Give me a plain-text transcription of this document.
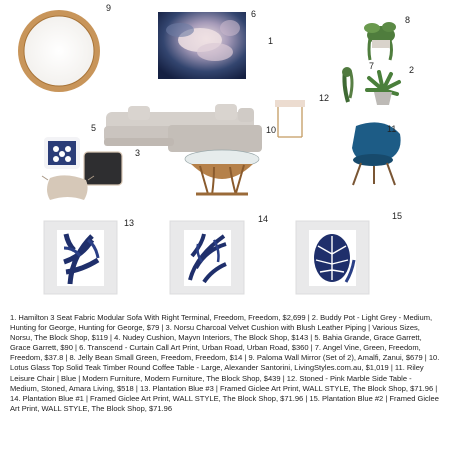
9
6
1
8
7	2
12
5	10	11
3
13	14	15
1. Hamilton 3 Seat Fabric Modular Sofa With Right Terminal, Freedom, Freedom, $2,699 | 2. Buddy Pot - Light Grey - Medium, Hunting for George, Hunting for George, $79 | 3. Norsu Charcoal Velvet Cushion with Blush Leather Piping | Various Sizes, Norsu, The Block Shop, $119 | 4. Nudey Cushion, Mayvn Interiors, The Block Shop, $143 | 5. Bahia Grande, Grace Garrett, Grace Garrett, $90 | 6. Transcend - Curtain Call Art Print, Urban Road, Urban Road, $360 | 7. Angel Vine, Green, Freedom, Freedom, $37.8 | 8. Jelly Bean Small Green, Freedom, Freedom, $14 | 9. Paloma Wall Mirror (Set of 2), Amalfi, Zanui, $679 | 10. Lotus Glass Top Solid Teak Timber Round Coffee Table - Large, Alexander Santorini, LivingStyles.com.au, $1,019 | 11. Riley Leisure Chair | Blue | Modern Furniture, Modern Furniture, The Block Shop, $439 | 12. Stoned - Pink Marble Side Table - Medium, Stoned, Amara Living, $518 | 13. Plantation Blue #3 | Framed Giclee Art Print, WALL STYLE, The Block Shop, $71.96 | 14. Plantation Blue #1 | Framed Giclee Art Print, WALL STYLE, The Block Shop, $71.96 | 15. Plantation Blue #2 | Framed Giclee Art Print, WALL STYLE, The Block Shop, $71.96
